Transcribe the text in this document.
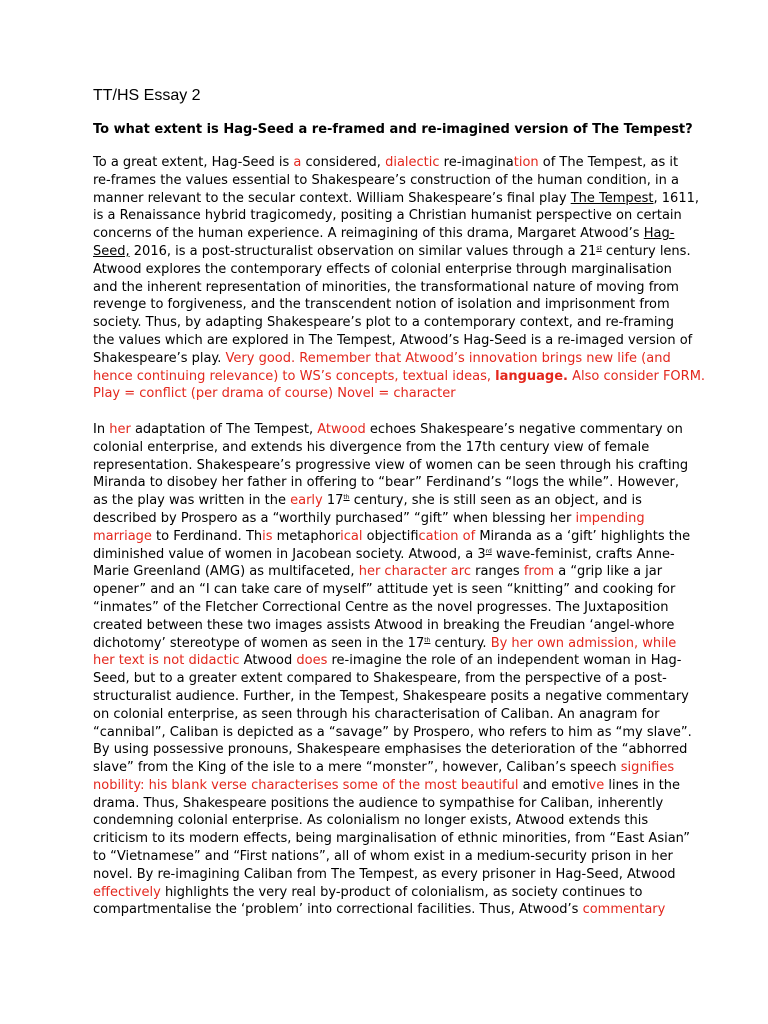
TT/HS Essay 2
To what extent is Hag-Seed a re-framed and re-imagined version of The Tempest?
To a great extent, Hag-Seed is a considered, dialectic re-imagination of The Tempest, as it
re-frames the values essential to Shakespeare’s construction of the human condition, in a
manner relevant to the secular context. William Shakespeare’s final play The Tempest, 1611,
is a Renaissance hybrid tragicomedy, positing a Christian humanist perspective on certain
concerns of the human experience. A reimagining of this drama, Margaret Atwood’s Hag-
Seed, 2016, is a post-structuralist observation on similar values through a 21st century lens.
Atwood explores the contemporary effects of colonial enterprise through marginalisation
and the inherent representation of minorities, the transformational nature of moving from
revenge to forgiveness, and the transcendent notion of isolation and imprisonment from
society. Thus, by adapting Shakespeare’s plot to a contemporary context, and re-framing
the values which are explored in The Tempest, Atwood’s Hag-Seed is a re-imaged version of
Shakespeare’s play. Very good. Remember that Atwood’s innovation brings new life (and
hence continuing relevance) to WS’s concepts, textual ideas, language. Also consider FORM.
Play = conflict (per drama of course) Novel = character
In her adaptation of The Tempest, Atwood echoes Shakespeare’s negative commentary on
colonial enterprise, and extends his divergence from the 17th century view of female
representation. Shakespeare’s progressive view of women can be seen through his crafting
Miranda to disobey her father in offering to “bear” Ferdinand’s “logs the while”. However,
as the play was written in the early 17th century, she is still seen as an object, and is
described by Prospero as a “worthily purchased” “gift” when blessing her impending
marriage to Ferdinand. This metaphorical objectification of Miranda as a ‘gift’ highlights the
diminished value of women in Jacobean society. Atwood, a 3rd wave-feminist, crafts Anne-
Marie Greenland (AMG) as multifaceted, her character arc ranges from a “grip like a jar
opener” and an “I can take care of myself” attitude yet is seen “knitting” and cooking for
“inmates” of the Fletcher Correctional Centre as the novel progresses. The Juxtaposition
created between these two images assists Atwood in breaking the Freudian ‘angel-whore
dichotomy’ stereotype of women as seen in the 17th century. By her own admission, while
her text is not didactic Atwood does re-imagine the role of an independent woman in Hag-
Seed, but to a greater extent compared to Shakespeare, from the perspective of a post-
structuralist audience. Further, in the Tempest, Shakespeare posits a negative commentary
on colonial enterprise, as seen through his characterisation of Caliban. An anagram for
“cannibal”, Caliban is depicted as a “savage” by Prospero, who refers to him as “my slave”.
By using possessive pronouns, Shakespeare emphasises the deterioration of the “abhorred
slave” from the King of the isle to a mere “monster”, however, Caliban’s speech signifies
nobility: his blank verse characterises some of the most beautiful and emotive lines in the
drama. Thus, Shakespeare positions the audience to sympathise for Caliban, inherently
condemning colonial enterprise. As colonialism no longer exists, Atwood extends this
criticism to its modern effects, being marginalisation of ethnic minorities, from “East Asian”
to “Vietnamese” and “First nations”, all of whom exist in a medium-security prison in her
novel. By re-imagining Caliban from The Tempest, as every prisoner in Hag-Seed, Atwood
effectively highlights the very real by-product of colonialism, as society continues to
compartmentalise the ‘problem’ into correctional facilities. Thus, Atwood’s commentary
